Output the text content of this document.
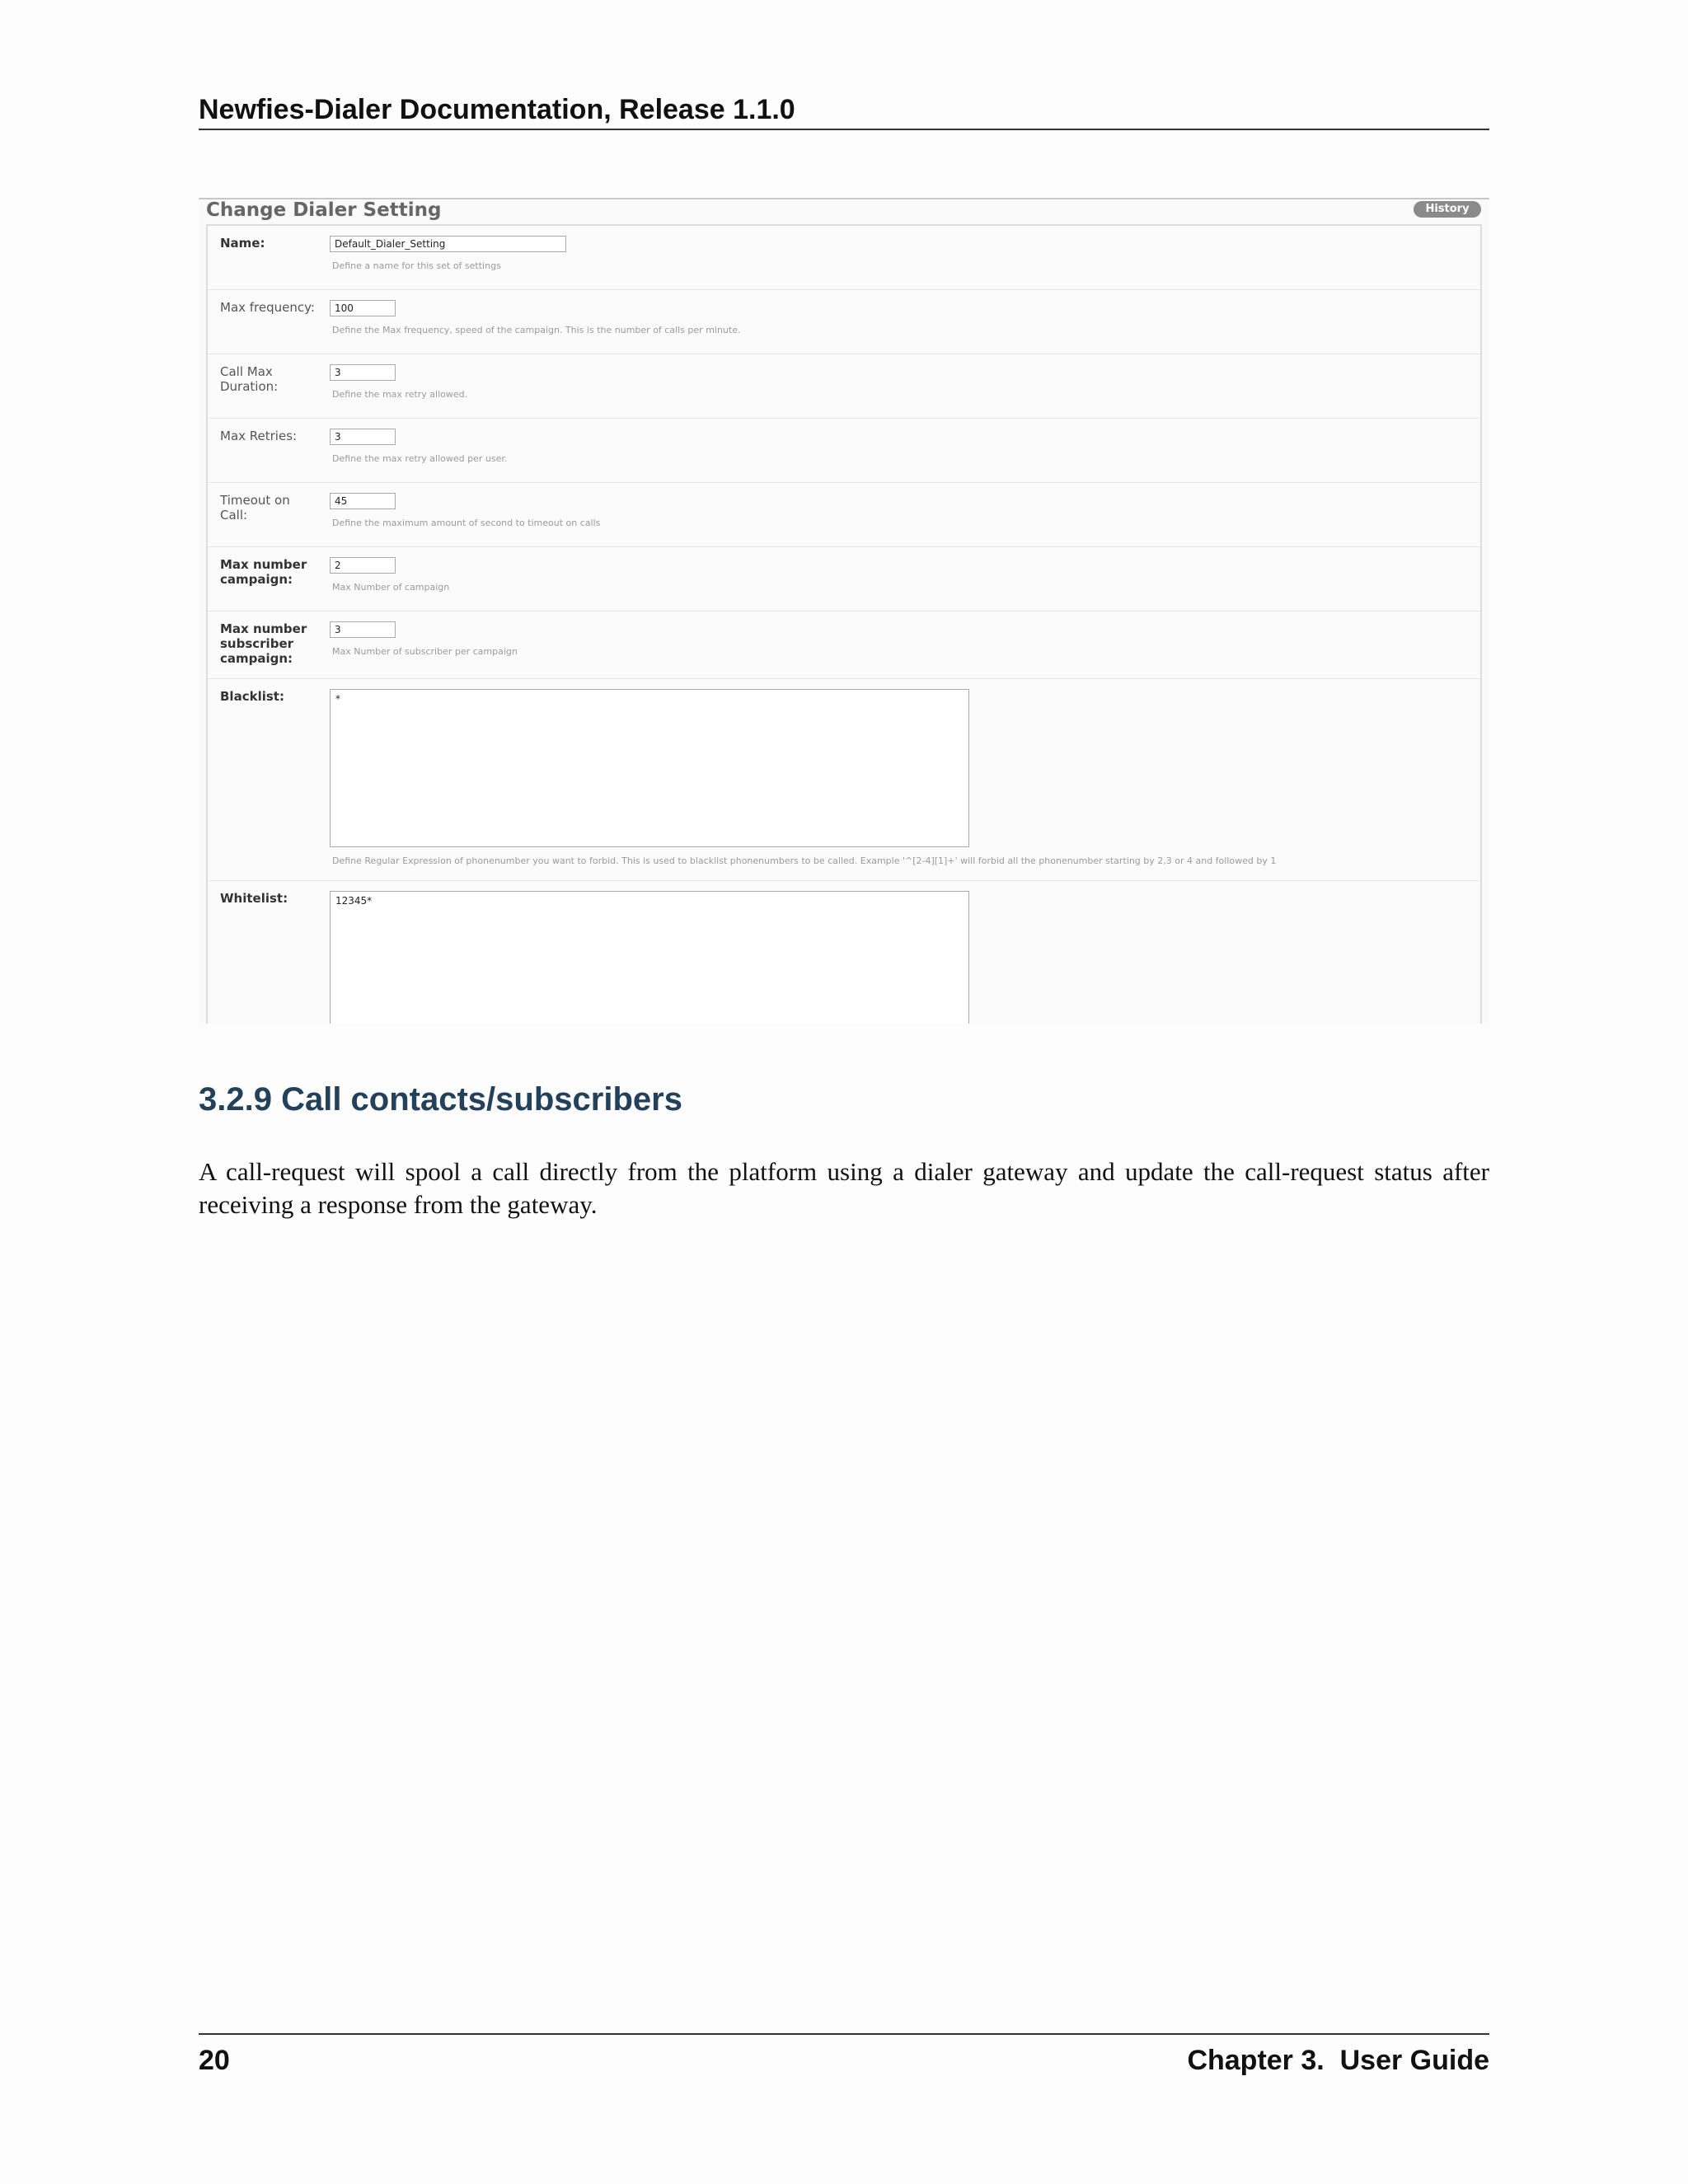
Newfies-Dialer Documentation, Release 1.1.0
Change Dialer Setting	History
Name:	Default_Dialer_Setting
Define a name for this set of settings
Max frequency:	100
Define the Max frequency, speed of the campaign. This is the number of calls per minute.
Call Max Duration:
3
Define the max retry allowed.
Max Retries:	3
Define the max retry allowed per user.
Timeout on Call:
45
Define the maximum amount of second to timeout on calls
Max number campaign:
2
Max Number of campaign
Max number subscriber campaign:
3
Max Number of subscriber per campaign
Blacklist:	*
Define Regular Expression of phonenumber you want to forbid. This is used to blacklist phonenumbers to be called. Example '^[2-4][1]+' will forbid all the phonenumber starting by 2,3 or 4 and followed by 1
Whitelist:	12345*
3.2.9 Call contacts/subscribers
A call-request will spool a call directly from the platform using a dialer gateway and update the call-request status after receiving a response from the gateway.
20	Chapter 3.  User Guide
